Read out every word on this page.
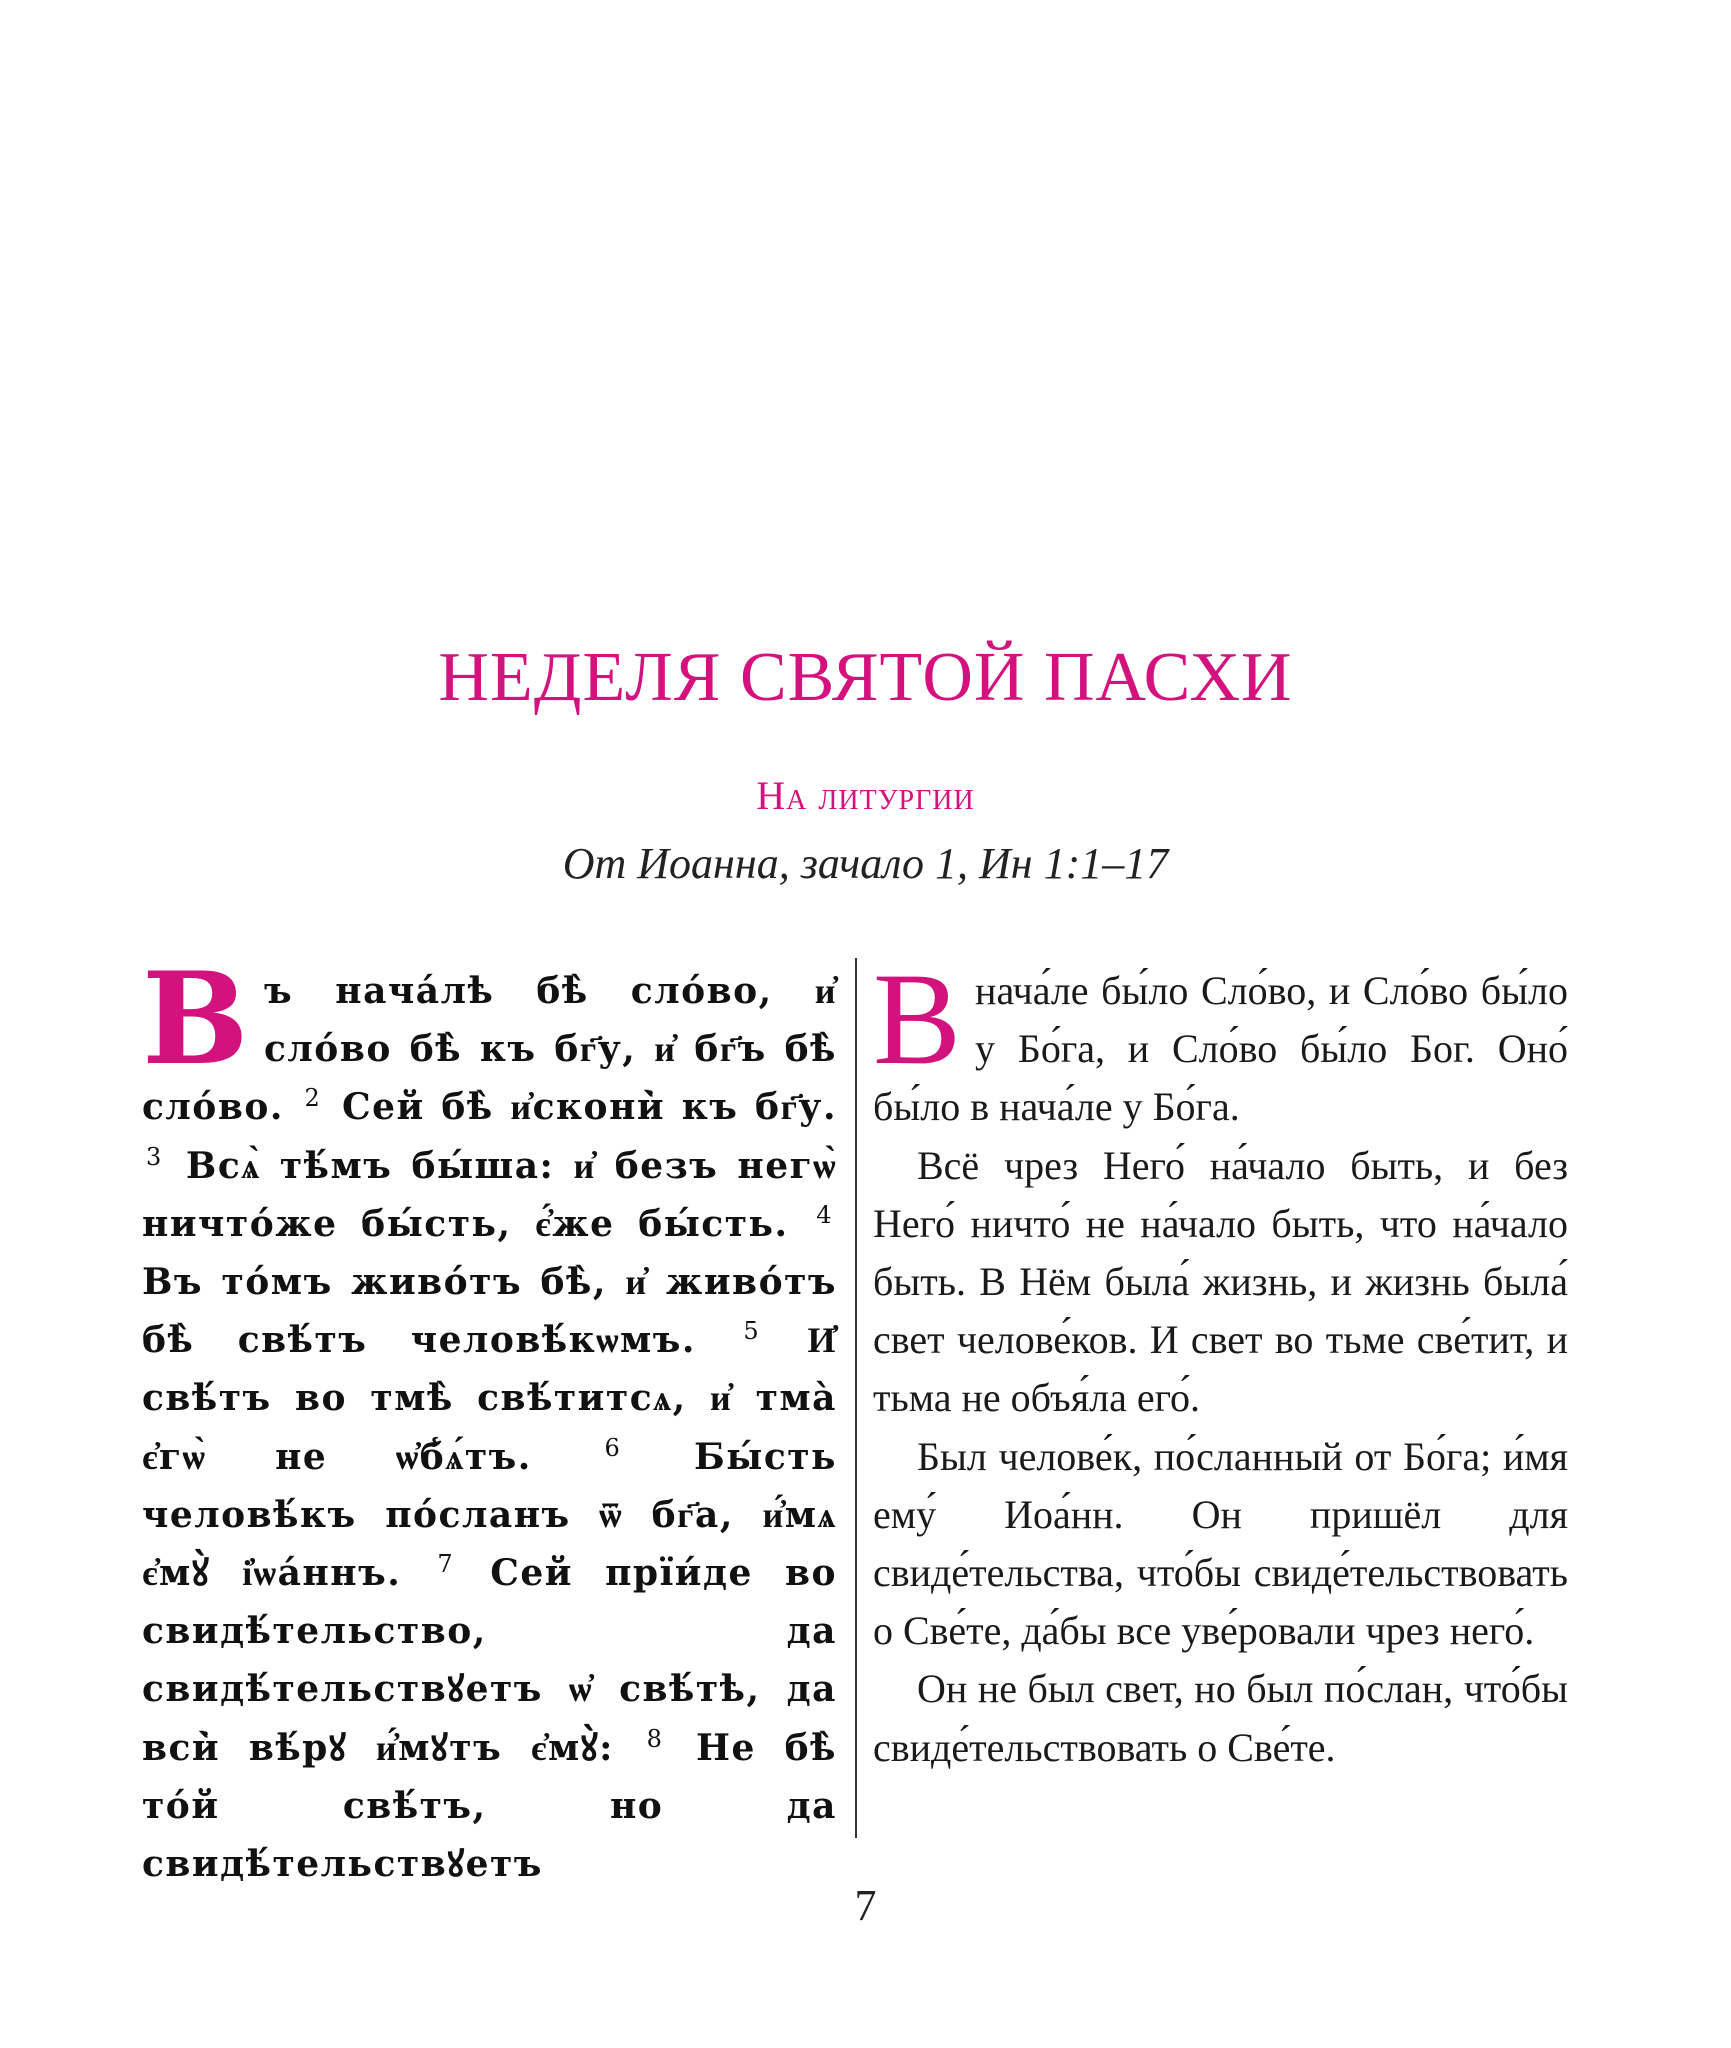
НЕДЕЛЯ СВЯТОЙ ПАСХИ
На литургии
От Иоанна, зачало 1, Ин 1:1–17

В ъ нача́лѣ бѣ̀ сло́во, и҆ сло́во бѣ̀ къ бг҃у, и҆ бг҃ъ бѣ̀ сло́во. $^2$ Сей бѣ̀ и҆скони̇̀ къ бг҃у. $^3$ Всѧ̀ тѣ́мъ бы́ша: и҆ безъ негѡ̀ ничто́же бы́сть, є҆́же бы́сть. $^4$ Въ то́мъ живо́тъ бѣ̀, и҆ живо́тъ бѣ̀ свѣ́тъ человѣ́кѡмъ. $^5$ И҆ свѣ́тъ во тмѣ̀ свѣ́титсѧ, и҆ тма̀ є҆гѡ̀ не ѡ҆б̾ѧ́тъ.	$^6$ Бы́сть человѣ́къ по́сланъ ѿ бг҃а, и҆́мѧ є҆мꙋ̀ і҆ѡа́ннъ. $^7$ Сей прїи́де во свидѣ́тельство, да свидѣ́тельствꙋетъ ѡ҆ свѣ́тѣ, да вси̇̀ вѣ́рꙋ и҆́мꙋтъ є҆мꙋ̀: $^8$ Не бѣ̀ то́й свѣ́тъ, но да свидѣ́тельствꙋетъ

В нача́ле бы́ло Сло́во, и Сло́во бы́ло у Бо́га, и Сло́во бы́ло Бог. Оно́ бы́ло в нача́ле у Бо́га.

Всё чрез Него́ на́чало быть, и без Него́ ничто́ не на́чало быть, что на́чало быть. В Нём была́ жизнь, и жизнь была́ свет челове́ков. И свет во тьме све́тит, и тьма не объя́ла его́.

Был челове́к, по́сланный от Бо́га; и́мя ему́ Иоа́нн. Он пришёл для свиде́тельства, что́бы свиде́тельствовать о Све́те, да́бы все уве́ровали чрез него́.

Он не был свет, но был по́слан, что́бы свиде́тельствовать о Све́те.

7
